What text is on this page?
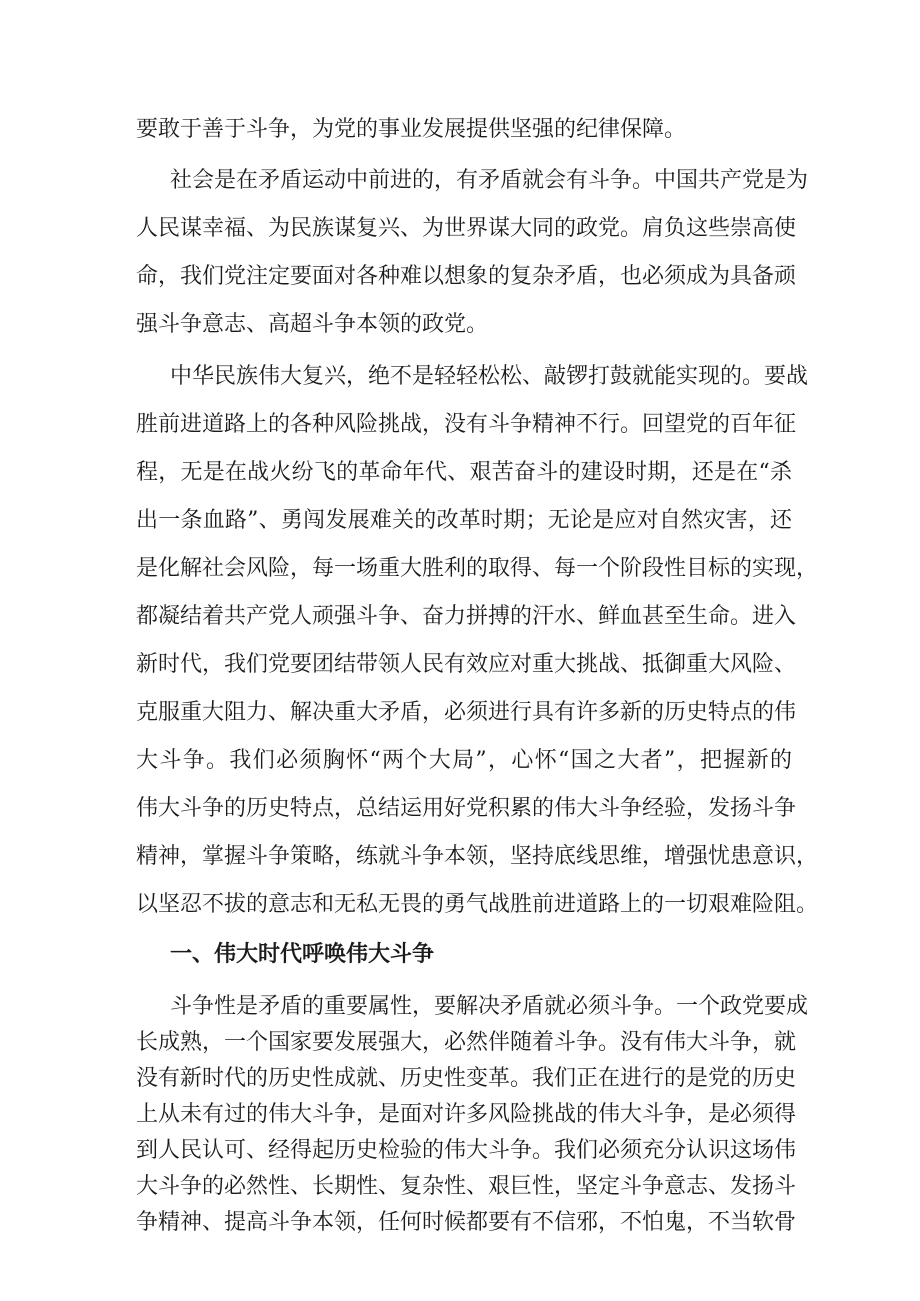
要敢于善于斗争，为党的事业发展提供坚强的纪律保障。
社会是在矛盾运动中前进的，有矛盾就会有斗争。中国共产党是为
人民谋幸福、为民族谋复兴、为世界谋大同的政党。肩负这些崇高使
命，我们党注定要面对各种难以想象的复杂矛盾，也必须成为具备顽
强斗争意志、高超斗争本领的政党。
中华民族伟大复兴，绝不是轻轻松松、敲锣打鼓就能实现的。要战
胜前进道路上的各种风险挑战，没有斗争精神不行。回望党的百年征
程，无是在战火纷飞的革命年代、艰苦奋斗的建设时期，还是在“杀
出一条血路”、勇闯发展难关的改革时期；无论是应对自然灾害，还
是化解社会风险，每一场重大胜利的取得、每一个阶段性目标的实现，
都凝结着共产党人顽强斗争、奋力拼搏的汗水、鲜血甚至生命。进入
新时代，我们党要团结带领人民有效应对重大挑战、抵御重大风险、
克服重大阻力、解决重大矛盾，必须进行具有许多新的历史特点的伟
大斗争。我们必须胸怀“两个大局”，心怀“国之大者”，把握新的
伟大斗争的历史特点，总结运用好党积累的伟大斗争经验，发扬斗争
精神，掌握斗争策略，练就斗争本领，坚持底线思维，增强忧患意识，
以坚忍不拔的意志和无私无畏的勇气战胜前进道路上的一切艰难险阻。
一、伟大时代呼唤伟大斗争
斗争性是矛盾的重要属性，要解决矛盾就必须斗争。一个政党要成
长成熟，一个国家要发展强大，必然伴随着斗争。没有伟大斗争，就
没有新时代的历史性成就、历史性变革。我们正在进行的是党的历史
上从未有过的伟大斗争，是面对许多风险挑战的伟大斗争，是必须得
到人民认可、经得起历史检验的伟大斗争。我们必须充分认识这场伟
大斗争的必然性、长期性、复杂性、艰巨性，坚定斗争意志、发扬斗
争精神、提高斗争本领，任何时候都要有不信邪，不怕鬼，不当软骨
